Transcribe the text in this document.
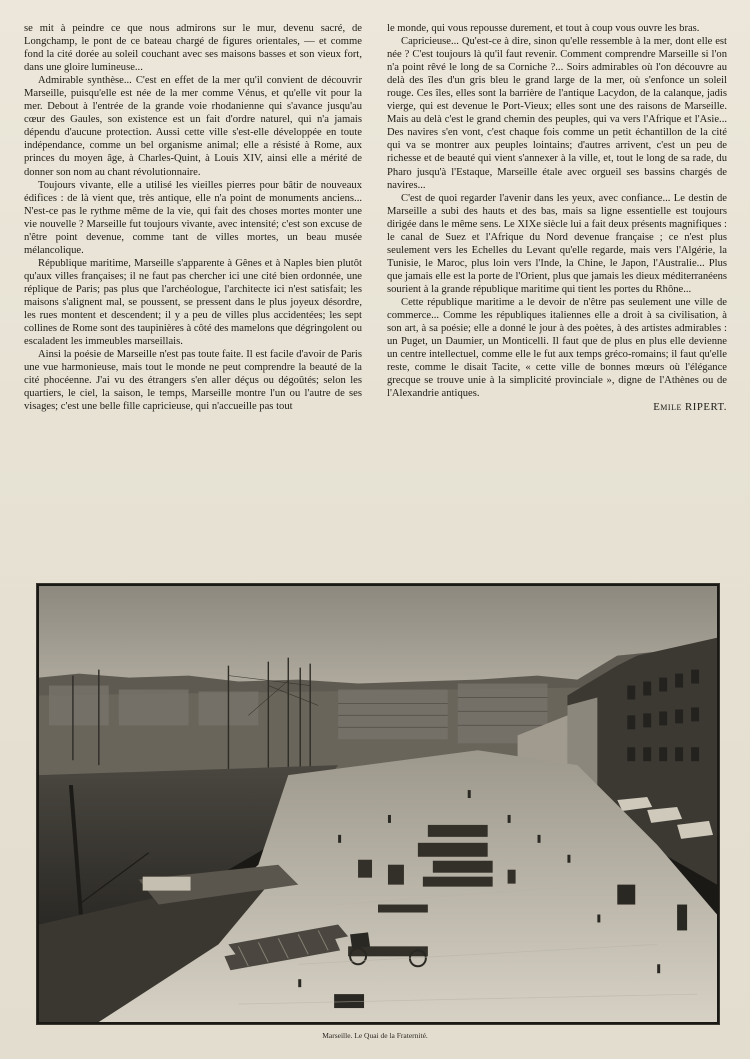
se mit à peindre ce que nous admirons sur le mur, devenu sacré, de Longchamp, le pont de ce bateau chargé de figures orientales, — et comme fond la cité dorée au soleil couchant avec ses maisons basses et son vieux fort, dans une gloire lumineuse...

Admirable synthèse... C'est en effet de la mer qu'il convient de découvrir Marseille, puisqu'elle est née de la mer comme Vénus, et qu'elle vit pour la mer. Debout à l'entrée de la grande voie rhodanienne qui s'avance jusqu'au cœur des Gaules, son existence est un fait d'ordre naturel, qui n'a jamais dépendu d'aucune protection. Aussi cette ville s'est-elle développée en toute indépendance, comme un bel organisme animal; elle a résisté à Rome, aux princes du moyen âge, à Charles-Quint, à Louis XIV, ainsi elle a mérité de donner son nom au chant révolutionnaire.

Toujours vivante, elle a utilisé les vieilles pierres pour bâtir de nouveaux édifices : de là vient que, très antique, elle n'a point de monuments anciens... N'est-ce pas le rythme même de la vie, qui fait des choses mortes monter une vie nouvelle ? Marseille fut toujours vivante, avec intensité; c'est son excuse de n'être point devenue, comme tant de villes mortes, un beau musée mélancolique.

République maritime, Marseille s'apparente à Gênes et à Naples bien plutôt qu'aux villes françaises; il ne faut pas chercher ici une cité bien ordonnée, une réplique de Paris; pas plus que l'archéologue, l'architecte ici n'est satisfait; les maisons s'alignent mal, se poussent, se pressent dans le plus joyeux désordre, les rues montent et descendent; il y a peu de villes plus accidentées; les sept collines de Rome sont des taupinières à côté des mamelons que dégringolent ou escaladent les immeubles marseillais.

Ainsi la poésie de Marseille n'est pas toute faite. Il est facile d'avoir de Paris une vue harmonieuse, mais tout le monde ne peut comprendre la beauté de la cité phocéenne. J'ai vu des étrangers s'en aller déçus ou dégoûtés; selon les quartiers, le ciel, la saison, le temps, Marseille montre l'un ou l'autre de ses visages; c'est une belle fille capricieuse, qui n'accueille pas tout

le monde, qui vous repousse durement, et tout à coup vous ouvre les bras.

Capricieuse... Qu'est-ce à dire, sinon qu'elle ressemble à la mer, dont elle est née ? C'est toujours là qu'il faut revenir. Comment comprendre Marseille si l'on n'a point rêvé le long de sa Corniche ?... Soirs admirables où l'on découvre au delà des îles d'un gris bleu le grand large de la mer, où s'enfonce un soleil rouge. Ces îles, elles sont la barrière de l'antique Lacydon, de la calanque, jadis vierge, qui est devenue le Port-Vieux; elles sont une des raisons de Marseille. Mais au delà c'est le grand chemin des peuples, qui va vers l'Afrique et l'Asie... Des navires s'en vont, c'est chaque fois comme un petit échantillon de la cité qui va se montrer aux peuples lointains; d'autres arrivent, c'est un peu de richesse et de beauté qui vient s'annexer à la ville, et, tout le long de sa rade, du Pharo jusqu'à l'Estaque, Marseille étale avec orgueil ses bassins chargés de navires...

C'est de quoi regarder l'avenir dans les yeux, avec confiance... Le destin de Marseille a subi des hauts et des bas, mais sa ligne essentielle est toujours dirigée dans le même sens. Le XIXe siècle lui a fait deux présents magnifiques : le canal de Suez et l'Afrique du Nord devenue française ; ce n'est plus seulement vers les Echelles du Levant qu'elle regarde, mais vers l'Algérie, la Tunisie, le Maroc, plus loin vers l'Inde, la Chine, le Japon, l'Australie... Plus que jamais elle est la porte de l'Orient, plus que jamais les dieux méditerranéens sourient à la grande république maritime qui tient les portes du Rhône...

Cette république maritime a le devoir de n'être pas seulement une ville de commerce... Comme les républiques italiennes elle a droit à sa civilisation, à son art, à sa poésie; elle a donné le jour à des poètes, à des artistes admirables : un Puget, un Daumier, un Monticelli. Il faut que de plus en plus elle devienne un centre intellectuel, comme elle le fut aux temps gréco-romains; il faut qu'elle reste, comme le disait Tacite, « cette ville de bonnes mœurs où l'élégance grecque se trouve unie à la simplicité provinciale », digne de l'Athènes ou de l'Alexandrie antiques.

Emile RIPERT.
Marseille. Le Quai de la Fraternité.
